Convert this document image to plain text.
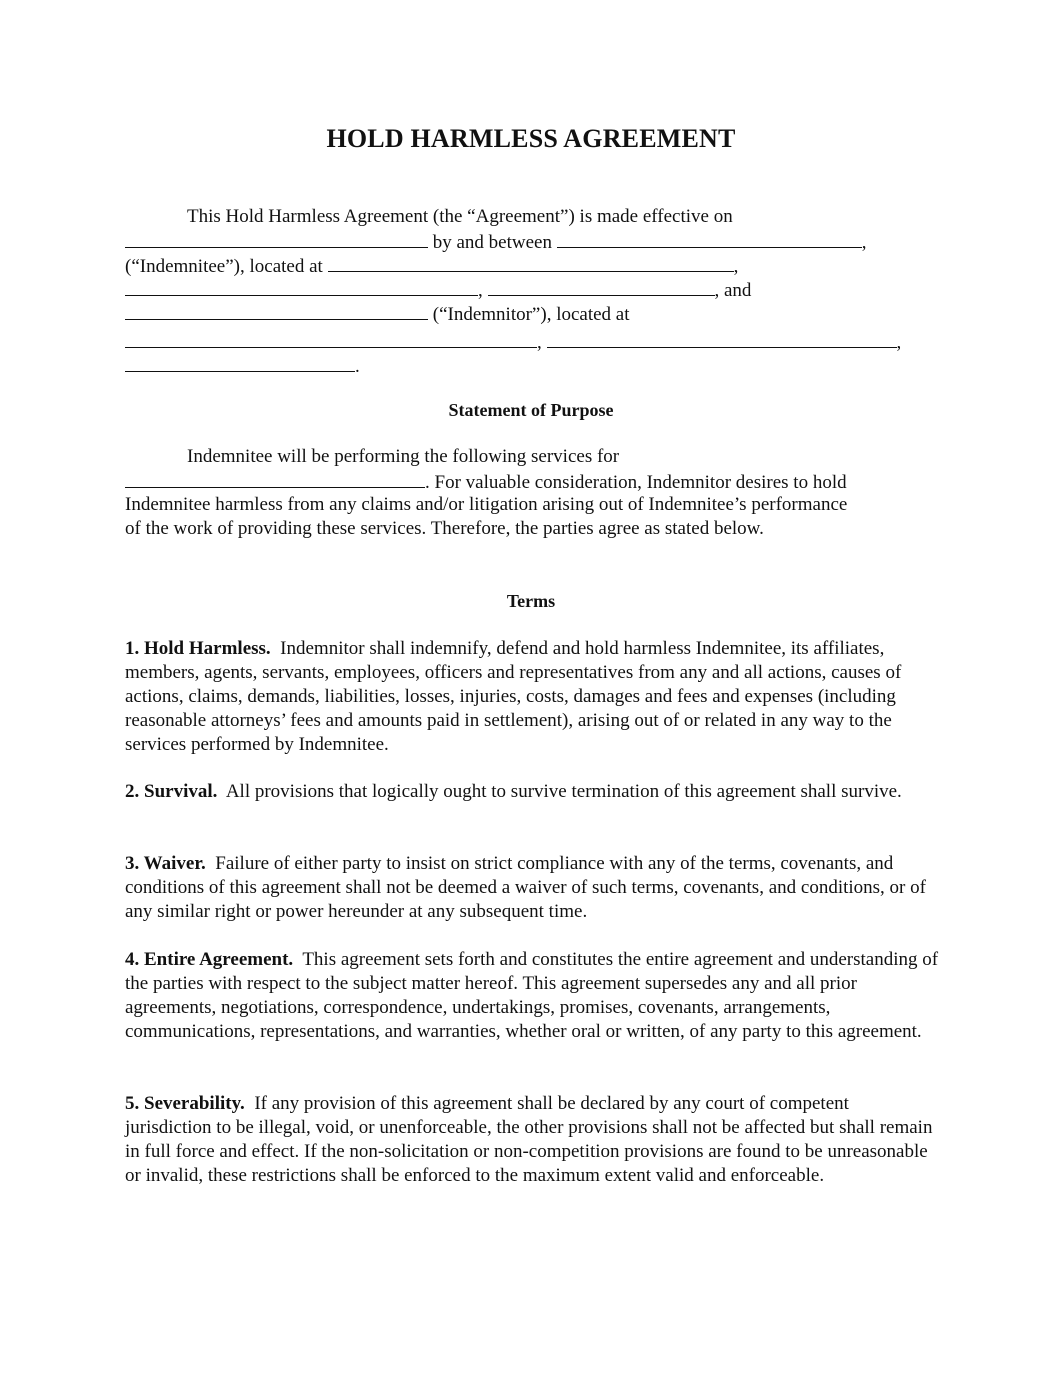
HOLD HARMLESS AGREEMENT
This Hold Harmless Agreement (the “Agreement”) is made effective on
by and between	,
(“Indemnitee”), located at	,
,	, and
(“Indemnitor”), located at
,	,
.
Statement of Purpose
Indemnitee will be performing the following services for
. For valuable consideration, Indemnitor desires to hold
Indemnitee harmless from any claims and/or litigation arising out of Indemnitee’s performance
of the work of providing these services. Therefore, the parties agree as stated below.
Terms
1. Hold Harmless. Indemnitor shall indemnify, defend and hold harmless Indemnitee, its affiliates, members, agents, servants, employees, officers and representatives from any and all actions, causes of actions, claims, demands, liabilities, losses, injuries, costs, damages and fees and expenses (including reasonable attorneys’ fees and amounts paid in settlement), arising out of or related in any way to the services performed by Indemnitee.
2. Survival. All provisions that logically ought to survive termination of this agreement shall survive.
3. Waiver. Failure of either party to insist on strict compliance with any of the terms, covenants, and conditions of this agreement shall not be deemed a waiver of such terms, covenants, and conditions, or of any similar right or power hereunder at any subsequent time.
4. Entire Agreement. This agreement sets forth and constitutes the entire agreement and understanding of the parties with respect to the subject matter hereof. This agreement supersedes any and all prior agreements, negotiations, correspondence, undertakings, promises, covenants, arrangements, communications, representations, and warranties, whether oral or written, of any party to this agreement.
5. Severability. If any provision of this agreement shall be declared by any court of competent jurisdiction to be illegal, void, or unenforceable, the other provisions shall not be affected but shall remain in full force and effect. If the non-solicitation or non-competition provisions are found to be unreasonable or invalid, these restrictions shall be enforced to the maximum extent valid and enforceable.
